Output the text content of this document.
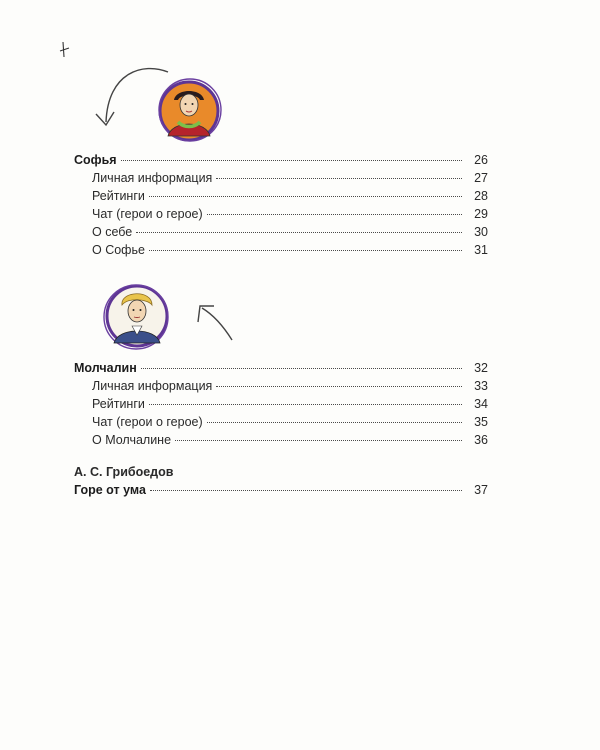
Софья	26
Личная информация	27
Рейтинги	28
Чат (герои о герое)	29
О себе	30
О Софье	31
Молчалин	32
Личная информация	33
Рейтинги	34
Чат (герои о герое)	35
О Молчалине	36
А. С. Грибоедов
Горе от ума	37
